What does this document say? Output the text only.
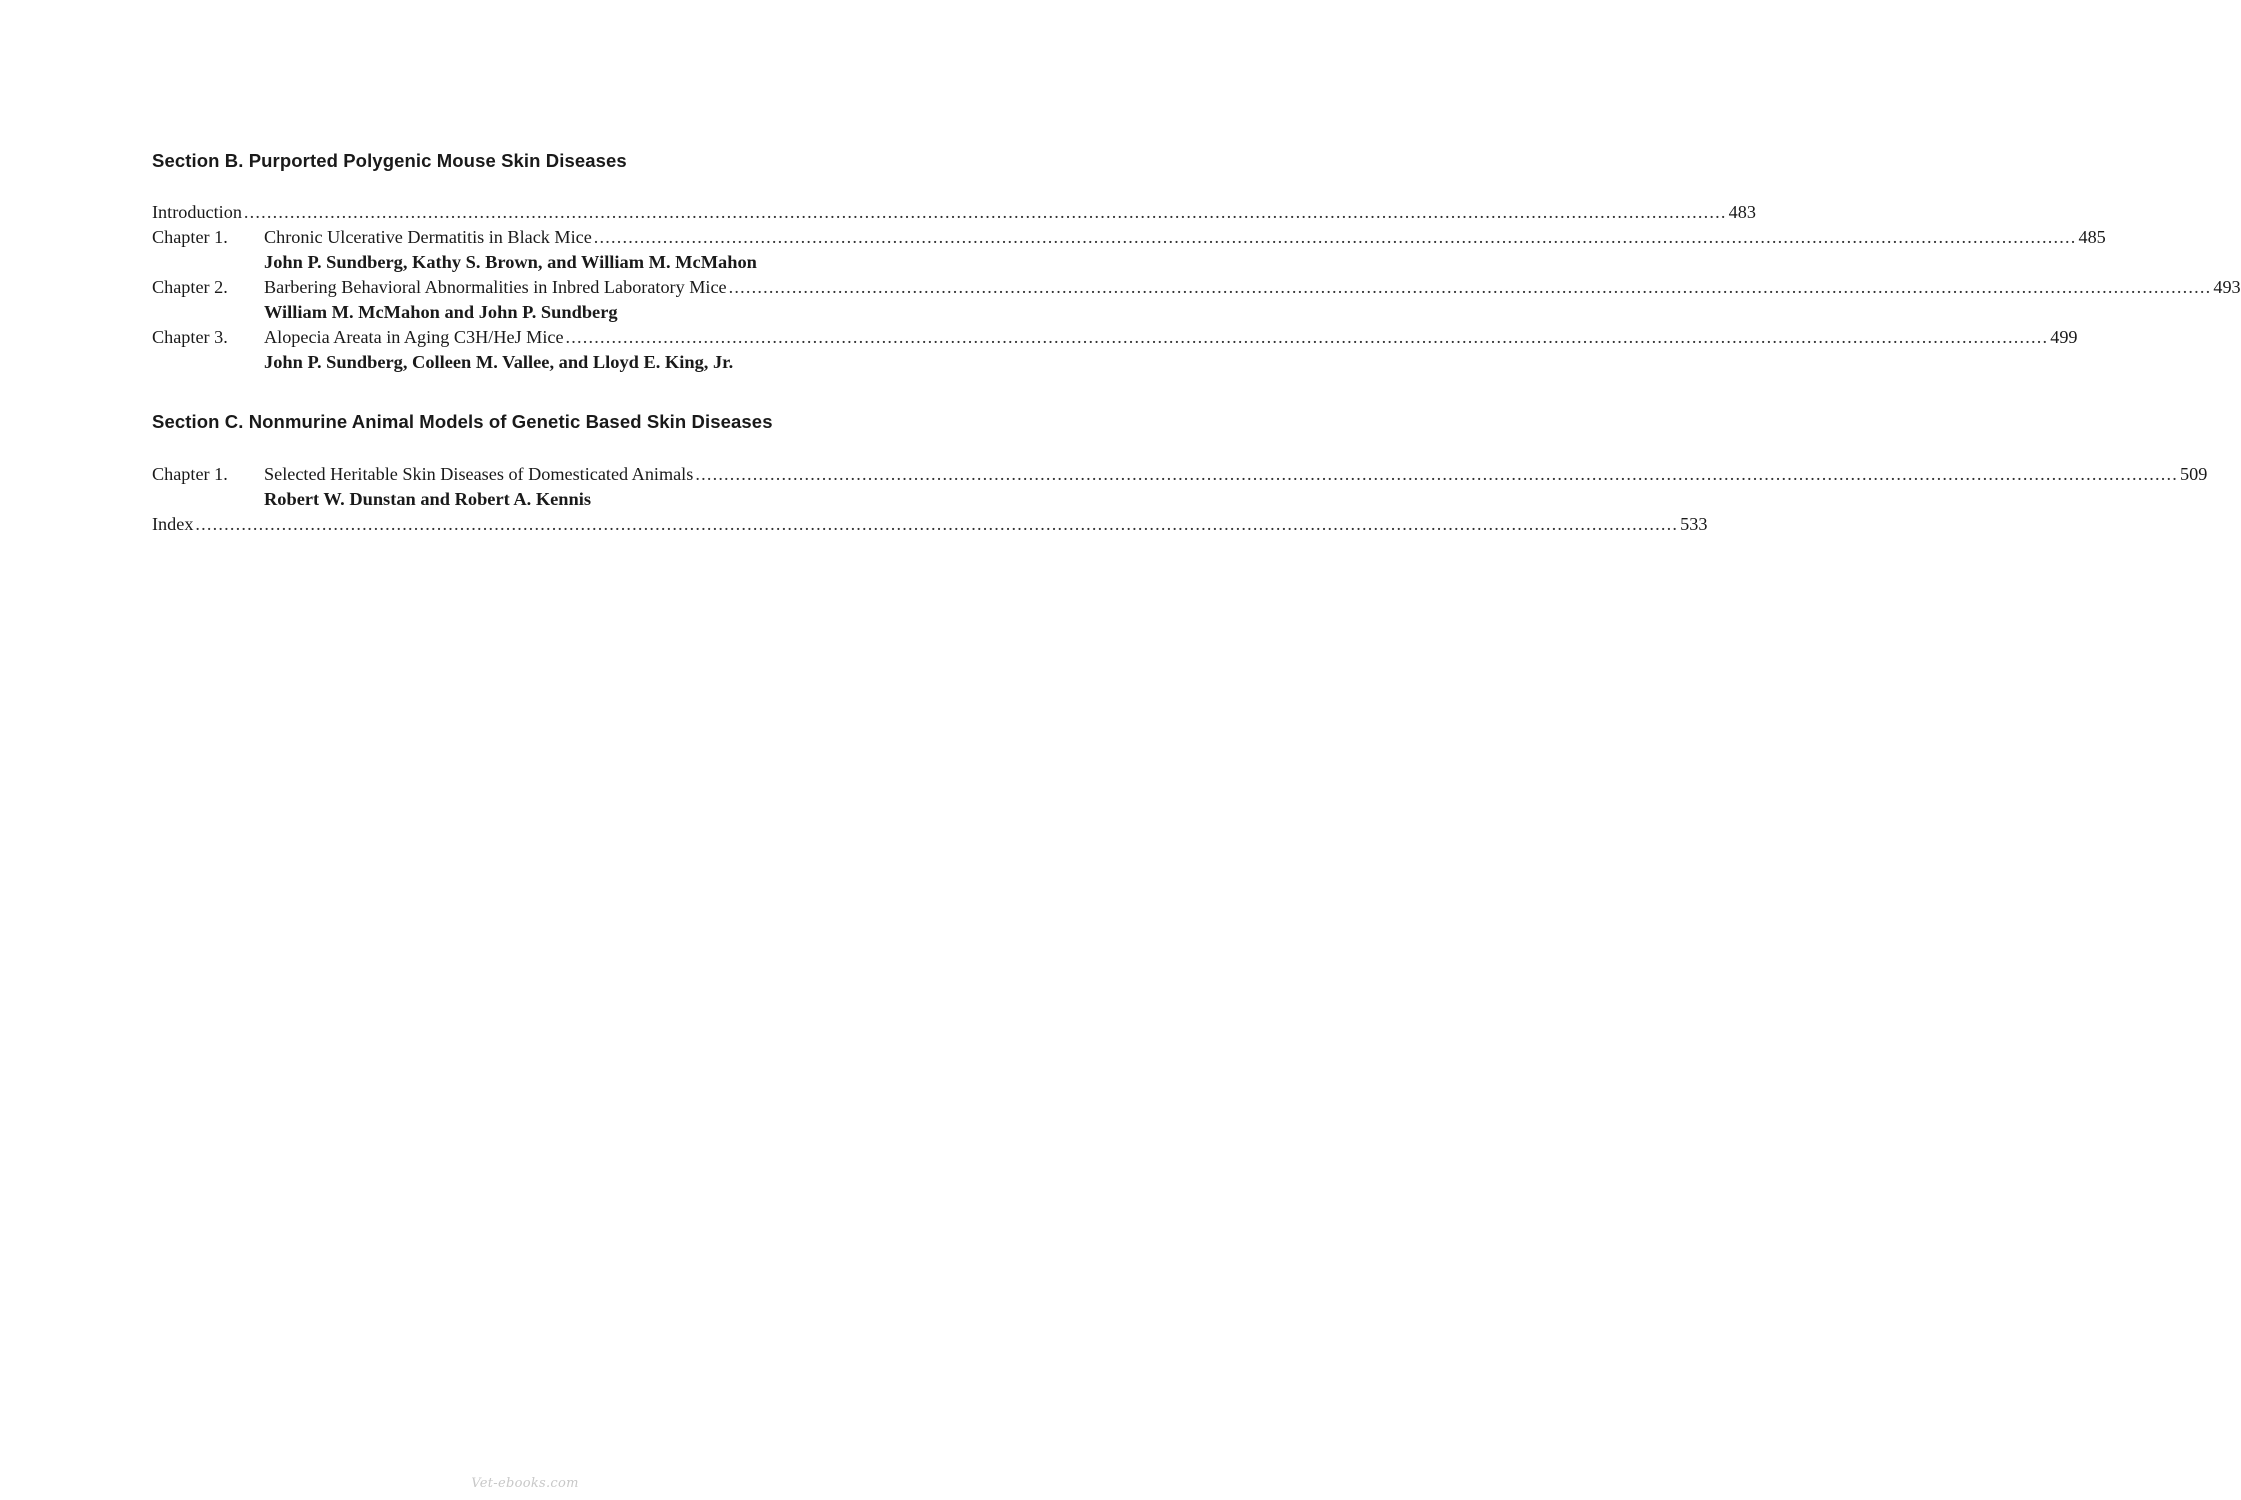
Section B. Purported Polygenic Mouse Skin Diseases
Introduction .....	483
Chapter 1.	Chronic Ulcerative Dermatitis in Black Mice .....	485
John P. Sundberg, Kathy S. Brown, and William M. McMahon
Chapter 2.	Barbering Behavioral Abnormalities in Inbred Laboratory Mice .....	493
William M. McMahon and John P. Sundberg
Chapter 3.	Alopecia Areata in Aging C3H/HeJ Mice .....	499
John P. Sundberg, Colleen M. Vallee, and Lloyd E. King, Jr.
Section C. Nonmurine Animal Models of Genetic Based Skin Diseases
Chapter 1.	Selected Heritable Skin Diseases of Domesticated Animals .....	509
Robert W. Dunstan and Robert A. Kennis
Index .....	533
Vet-ebooks.com
